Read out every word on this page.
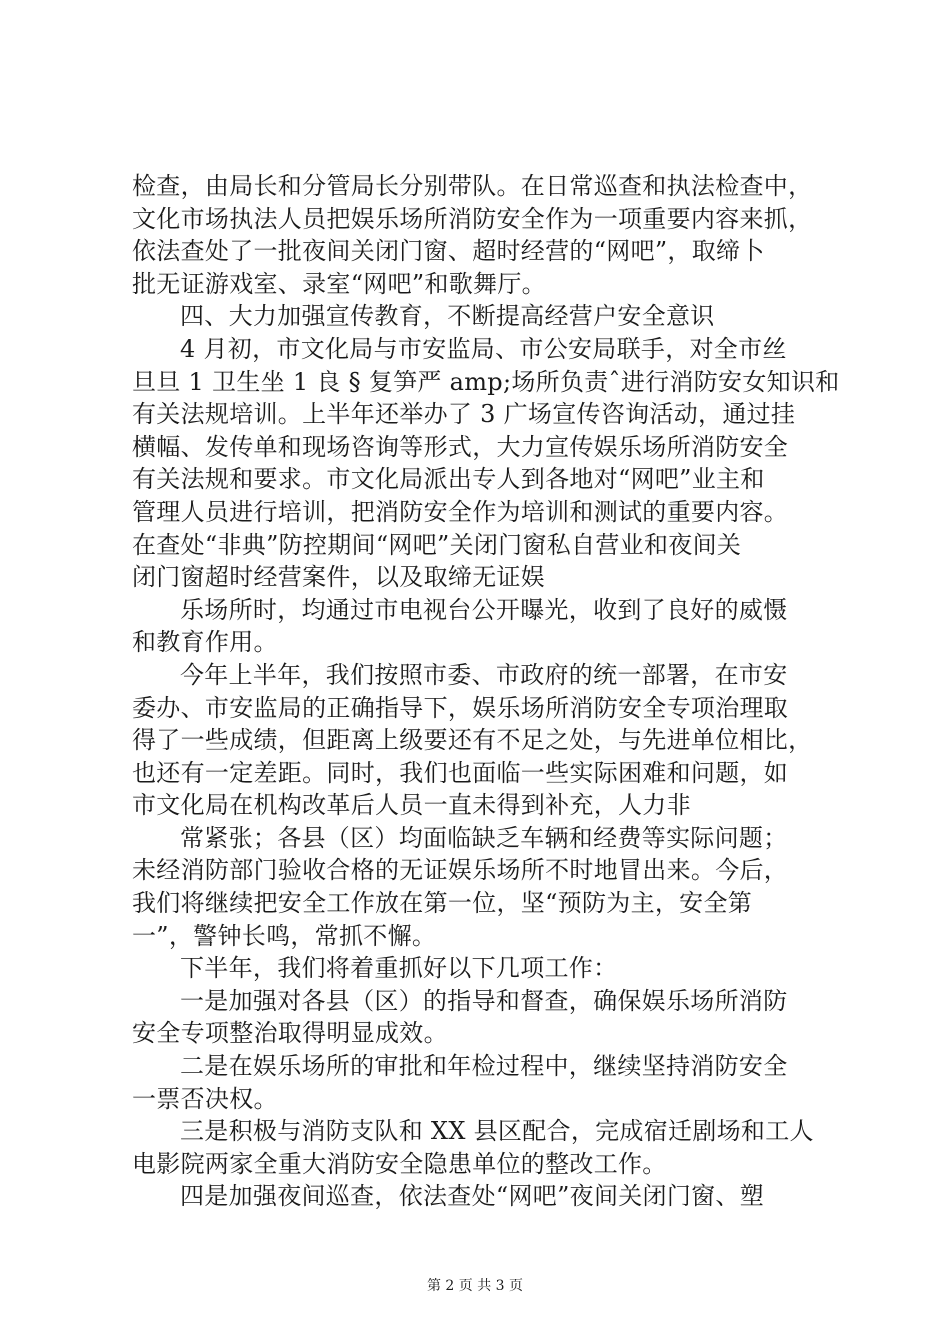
检查，由局长和分管局长分别带队。在日常巡查和执法检查中，
文化市场执法人员把娱乐场所消防安全作为一项重要内容来抓，
依法查处了一批夜间关闭门窗、超时经营的“网吧”，取缔卜
批无证游戏室、录室“网吧”和歌舞厅。
四、大力加强宣传教育，不断提高经营户安全意识
4 月初，市文化局与市安监局、市公安局联手，对全市丝
旦旦 1 卫生坐 1 良 § 复笋严 amp;场所负责ˆ进行消防安女知识和
有关法规培训。上半年还举办了 3 广场宣传咨询活动，通过挂
横幅、发传单和现场咨询等形式，大力宣传娱乐场所消防安全
有关法规和要求。市文化局派出专人到各地对“网吧”业主和
管理人员进行培训，把消防安全作为培训和测试的重要内容。
在查处“非典”防控期间“网吧”关闭门窗私自营业和夜间关
闭门窗超时经营案件，以及取缔无证娱
乐场所时，均通过市电视台公开曝光，收到了良好的威慑
和教育作用。
今年上半年，我们按照市委、市政府的统一部署，在市安
委办、市安监局的正确指导下，娱乐场所消防安全专项治理取
得了一些成绩，但距离上级要还有不足之处，与先进单位相比，
也还有一定差距。同时，我们也面临一些实际困难和问题，如
市文化局在机构改革后人员一直未得到补充，人力非
常紧张；各县（区）均面临缺乏车辆和经费等实际问题；
未经消防部门验收合格的无证娱乐场所不时地冒出来。今后，
我们将继续把安全工作放在第一位，坚“预防为主，安全第
一”，警钟长鸣，常抓不懈。
下半年，我们将着重抓好以下几项工作：
一是加强对各县（区）的指导和督查，确保娱乐场所消防
安全专项整治取得明显成效。
二是在娱乐场所的审批和年检过程中，继续坚持消防安全
一票否决权。
三是积极与消防支队和 XX 县区配合，完成宿迁剧场和工人
电影院两家全重大消防安全隐患单位的整改工作。
四是加强夜间巡查，依法查处“网吧”夜间关闭门窗、塑
第 2 页 共 3 页
